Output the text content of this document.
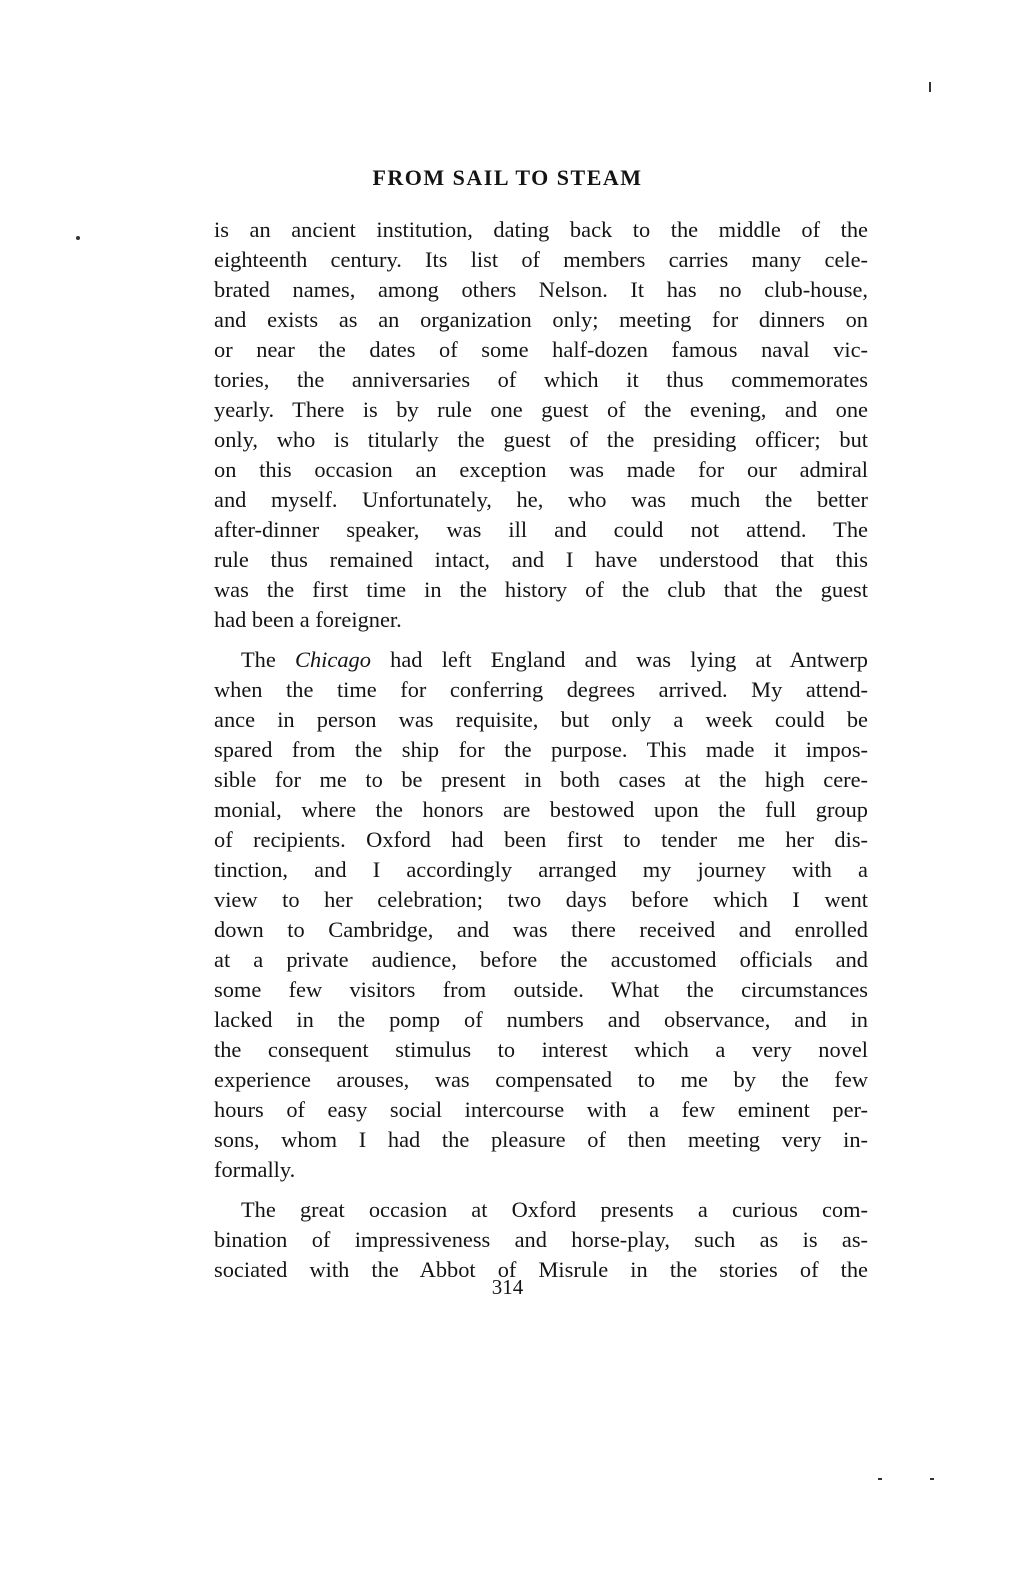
FROM SAIL TO STEAM
is an ancient institution, dating back to the middle of the
eighteenth century. Its list of members carries many cele-
brated names, among others Nelson. It has no club-house,
and exists as an organization only; meeting for dinners on
or near the dates of some half-dozen famous naval vic-
tories, the anniversaries of which it thus commemorates
yearly. There is by rule one guest of the evening, and one
only, who is titularly the guest of the presiding officer; but
on this occasion an exception was made for our admiral
and myself. Unfortunately, he, who was much the better
after-dinner speaker, was ill and could not attend. The
rule thus remained intact, and I have understood that this
was the first time in the history of the club that the guest
had been a foreigner.
The Chicago had left England and was lying at Antwerp
when the time for conferring degrees arrived. My attend-
ance in person was requisite, but only a week could be
spared from the ship for the purpose. This made it impos-
sible for me to be present in both cases at the high cere-
monial, where the honors are bestowed upon the full group
of recipients. Oxford had been first to tender me her dis-
tinction, and I accordingly arranged my journey with a
view to her celebration; two days before which I went
down to Cambridge, and was there received and enrolled
at a private audience, before the accustomed officials and
some few visitors from outside. What the circumstances
lacked in the pomp of numbers and observance, and in
the consequent stimulus to interest which a very novel
experience arouses, was compensated to me by the few
hours of easy social intercourse with a few eminent per-
sons, whom I had the pleasure of then meeting very in-
formally.
The great occasion at Oxford presents a curious com-
bination of impressiveness and horse-play, such as is as-
sociated with the Abbot of Misrule in the stories of the
314
